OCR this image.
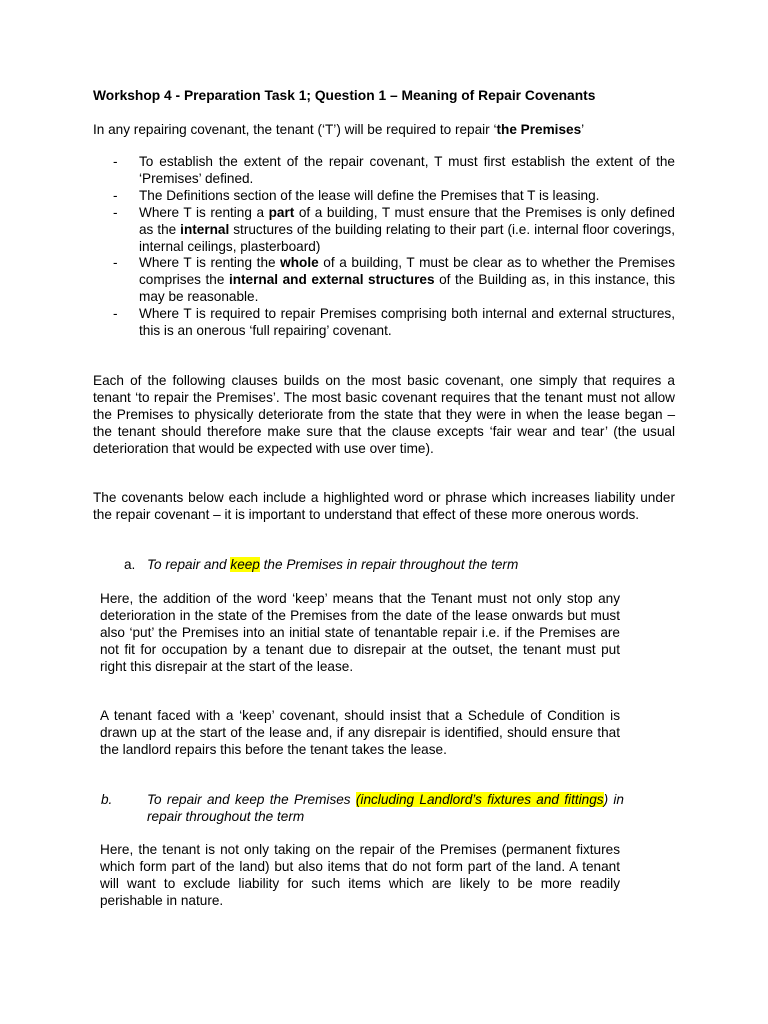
Workshop 4 - Preparation Task 1; Question 1 – Meaning of Repair Covenants

In any repairing covenant, the tenant (‘T’) will be required to repair ‘the Premises’

- To establish the extent of the repair covenant, T must first establish the extent of the ‘Premises’ defined.
- The Definitions section of the lease will define the Premises that T is leasing.
- Where T is renting a part of a building, T must ensure that the Premises is only defined as the internal structures of the building relating to their part (i.e. internal floor coverings, internal ceilings, plasterboard)
- Where T is renting the whole of a building, T must be clear as to whether the Premises comprises the internal and external structures of the Building as, in this instance, this may be reasonable.
- Where T is required to repair Premises comprising both internal and external structures, this is an onerous ‘full repairing’ covenant.

Each of the following clauses builds on the most basic covenant, one simply that requires a tenant ‘to repair the Premises’. The most basic covenant requires that the tenant must not allow the Premises to physically deteriorate from the state that they were in when the lease began – the tenant should therefore make sure that the clause excepts ‘fair wear and tear’ (the usual deterioration that would be expected with use over time).

The covenants below each include a highlighted word or phrase which increases liability under the repair covenant – it is important to understand that effect of these more onerous words.

a. To repair and keep the Premises in repair throughout the term

Here, the addition of the word ‘keep’ means that the Tenant must not only stop any deterioration in the state of the Premises from the date of the lease onwards but must also ‘put’ the Premises into an initial state of tenantable repair i.e. if the Premises are not fit for occupation by a tenant due to disrepair at the outset, the tenant must put right this disrepair at the start of the lease.

A tenant faced with a ‘keep’ covenant, should insist that a Schedule of Condition is drawn up at the start of the lease and, if any disrepair is identified, should ensure that the landlord repairs this before the tenant takes the lease.

b.	To repair and keep the Premises (including Landlord’s fixtures and fittings) in repair throughout the term

Here, the tenant is not only taking on the repair of the Premises (permanent fixtures which form part of the land) but also items that do not form part of the land. A tenant will want to exclude liability for such items which are likely to be more readily perishable in nature.
